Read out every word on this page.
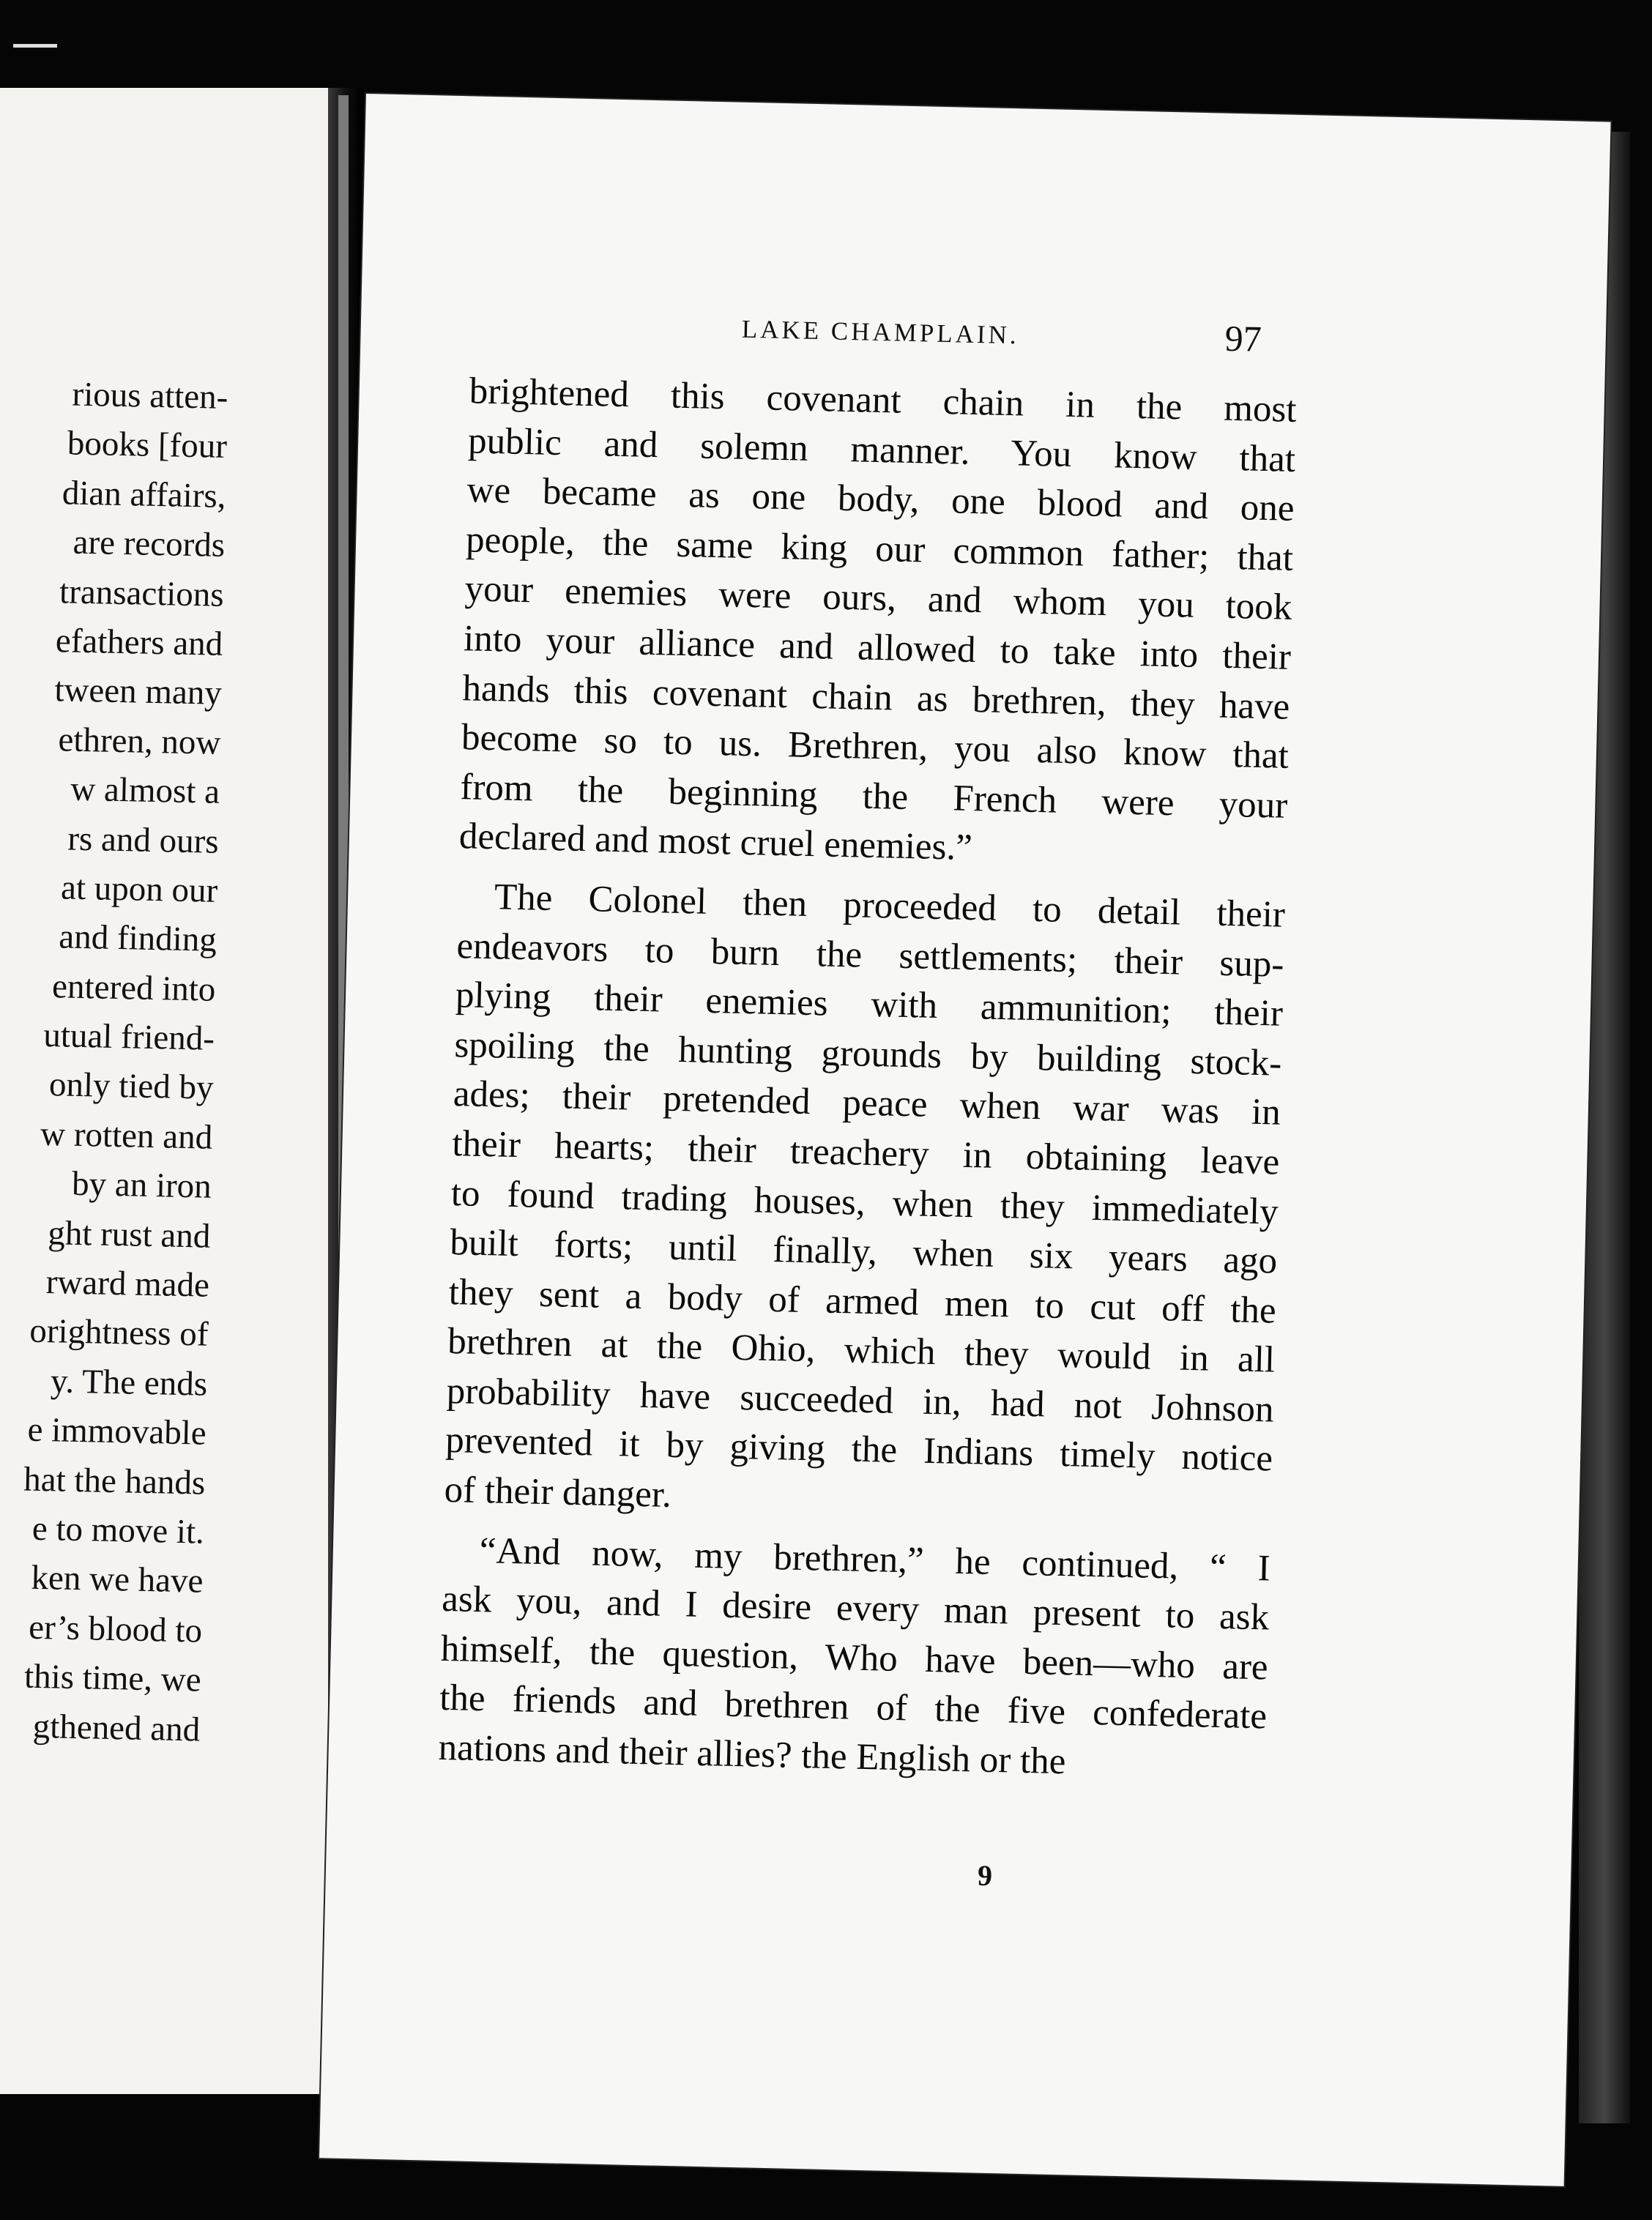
rious atten-
books [four
dian affairs,
are records
transactions
efathers and
tween many
ethren, now
w almost a
rs and ours
at upon our
and finding
entered into
utual friend-
only tied by
w rotten and
by an iron
ght rust and
rward made
orightness of
y. The ends
e immovable
hat the hands
e to move it.
ken we have
er’s blood to
this time, we
gthened and
LAKE CHAMPLAIN.	97

brightened this covenant chain in the most
public and solemn manner. You know that
we became as one body, one blood and one
people, the same king our common father; that
your enemies were ours, and whom you took
into your alliance and allowed to take into their
hands this covenant chain as brethren, they have
become so to us. Brethren, you also know that
from the beginning the French were your
declared and most cruel enemies.”

The Colonel then proceeded to detail their
endeavors to burn the settlements; their sup-
plying their enemies with ammunition; their
spoiling the hunting grounds by building stock-
ades; their pretended peace when war was in
their hearts; their treachery in obtaining leave
to found trading houses, when they immediately
built forts; until finally, when six years ago
they sent a body of armed men to cut off the
brethren at the Ohio, which they would in all
probability have succeeded in, had not Johnson
prevented it by giving the Indians timely notice
of their danger.

“And now, my brethren,” he continued, “ I
ask you, and I desire every man present to ask
himself, the question, Who have been—who are
the friends and brethren of the five confederate
nations and their allies? the English or the

9
